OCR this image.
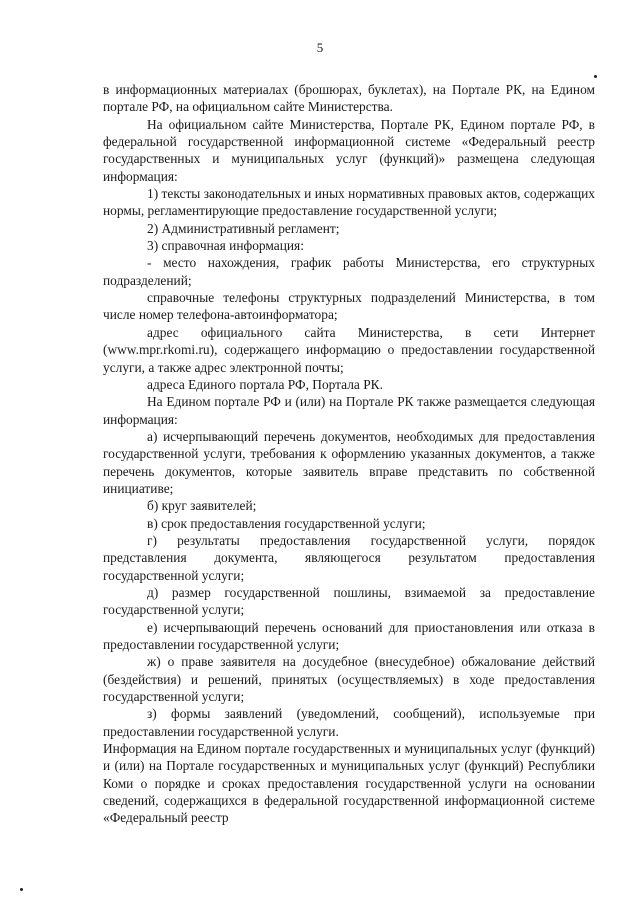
5

в информационных материалах (брошюрах, буклетах), на Портале РК, на Едином портале РФ, на официальном сайте Министерства.

На официальном сайте Министерства, Портале РК, Едином портале РФ, в федеральной государственной информационной системе «Федеральный реестр государственных и муниципальных услуг (функций)» размещена следующая информация:

1) тексты законодательных и иных нормативных правовых актов, содержащих нормы, регламентирующие предоставление государственной услуги;

2) Административный регламент;

3) справочная информация:

- место нахождения, график работы Министерства, его структурных подразделений;

справочные телефоны структурных подразделений Министерства, в том числе номер телефона-автоинформатора;

адрес официального сайта Министерства, в сети Интернет (www.mpr.rkomi.ru), содержащего информацию о предоставлении государственной услуги, а также адрес электронной почты;

адреса Единого портала РФ, Портала РК.

На Едином портале РФ и (или) на Портале РК также размещается следующая информация:

а) исчерпывающий перечень документов, необходимых для предоставления государственной услуги, требования к оформлению указанных документов, а также перечень документов, которые заявитель вправе представить по собственной инициативе;

б) круг заявителей;

в) срок предоставления государственной услуги;

г) результаты предоставления государственной услуги, порядок представления документа, являющегося результатом предоставления государственной услуги;

д) размер государственной пошлины, взимаемой за предоставление государственной услуги;

е) исчерпывающий перечень оснований для приостановления или отказа в предоставлении государственной услуги;

ж) о праве заявителя на досудебное (внесудебное) обжалование действий (бездействия) и решений, принятых (осуществляемых) в ходе предоставления государственной услуги;

з) формы заявлений (уведомлений, сообщений), используемые при предоставлении государственной услуги.

Информация на Едином портале государственных и муниципальных услуг (функций) и (или) на Портале государственных и муниципальных услуг (функций) Республики Коми о порядке и сроках предоставления государственной услуги на основании сведений, содержащихся в федеральной государственной информационной системе «Федеральный реестр
